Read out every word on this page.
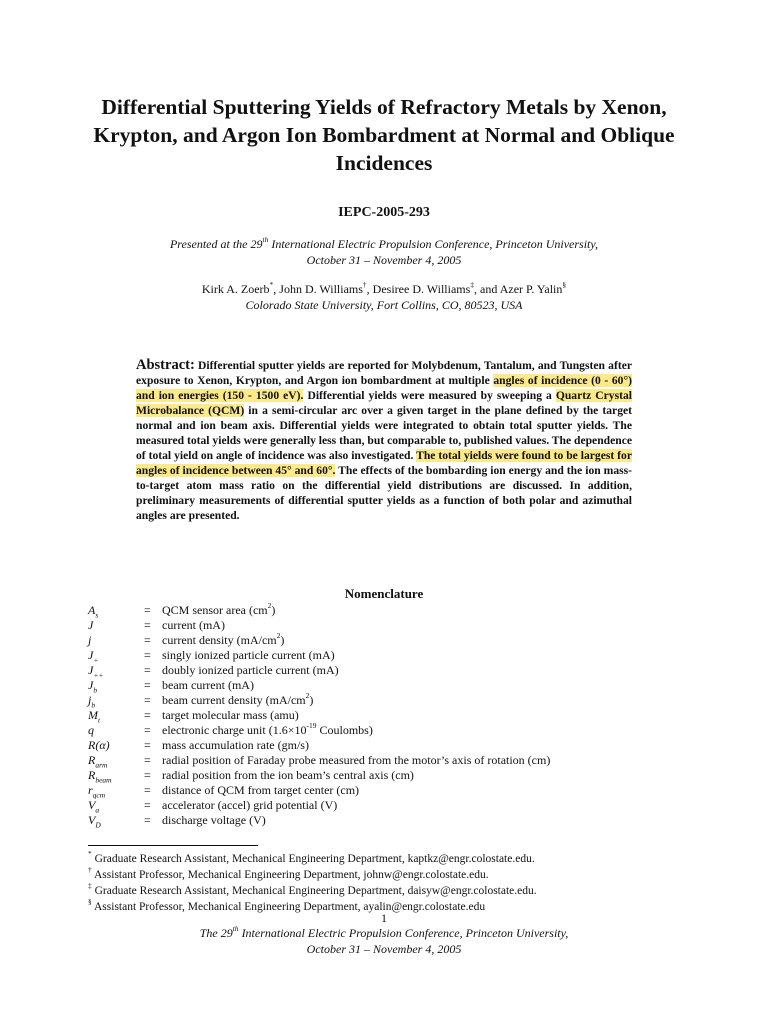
Differential Sputtering Yields of Refractory Metals by Xenon, Krypton, and Argon Ion Bombardment at Normal and Oblique Incidences
IEPC-2005-293
Presented at the 29th International Electric Propulsion Conference, Princeton University,
October 31 – November 4, 2005
Kirk A. Zoerb*, John D. Williams†, Desiree D. Williams‡, and Azer P. Yalin§
Colorado State University, Fort Collins, CO, 80523, USA
Abstract: Differential sputter yields are reported for Molybdenum, Tantalum, and Tungsten after exposure to Xenon, Krypton, and Argon ion bombardment at multiple angles of incidence (0 - 60°) and ion energies (150 - 1500 eV). Differential yields were measured by sweeping a Quartz Crystal Microbalance (QCM) in a semi-circular arc over a given target in the plane defined by the target normal and ion beam axis. Differential yields were integrated to obtain total sputter yields. The measured total yields were generally less than, but comparable to, published values. The dependence of total yield on angle of incidence was also investigated. The total yields were found to be largest for angles of incidence between 45° and 60°. The effects of the bombarding ion energy and the ion mass-to-target atom mass ratio on the differential yield distributions are discussed. In addition, preliminary measurements of differential sputter yields as a function of both polar and azimuthal angles are presented.
Nomenclature
$A_s$	= QCM sensor area $(cm^2)$
J	= current (mA)
j	= current density $(mA/cm^2)$
$J_+$	= singly ionized particle current (mA)
$J_{++}$	= doubly ionized particle current (mA)
$J_b$	= beam current (mA)
$j_b$	= beam current density $(mA/cm^2)$
$M_t$	= target molecular mass (amu)
q	= electronic charge unit ($1.6\times 10^{-19}$ Coulombs)
R(α)	= mass accumulation rate (gm/s)
$R_{arm}$	= radial position of Faraday probe measured from the motor’s axis of rotation (cm)
$R_{beam}$	= radial position from the ion beam’s central axis (cm)
$r_{qcm}$	= distance of QCM from target center (cm)
$V_a$	= accelerator (accel) grid potential (V)
$V_D$	= discharge voltage (V)
* Graduate Research Assistant, Mechanical Engineering Department, kaptkz@engr.colostate.edu.
† Assistant Professor, Mechanical Engineering Department, johnw@engr.colostate.edu.
‡ Graduate Research Assistant, Mechanical Engineering Department, daisyw@engr.colostate.edu.
§ Assistant Professor, Mechanical Engineering Department, ayalin@engr.colostate.edu
1
The 29th International Electric Propulsion Conference, Princeton University,
October 31 – November 4, 2005
